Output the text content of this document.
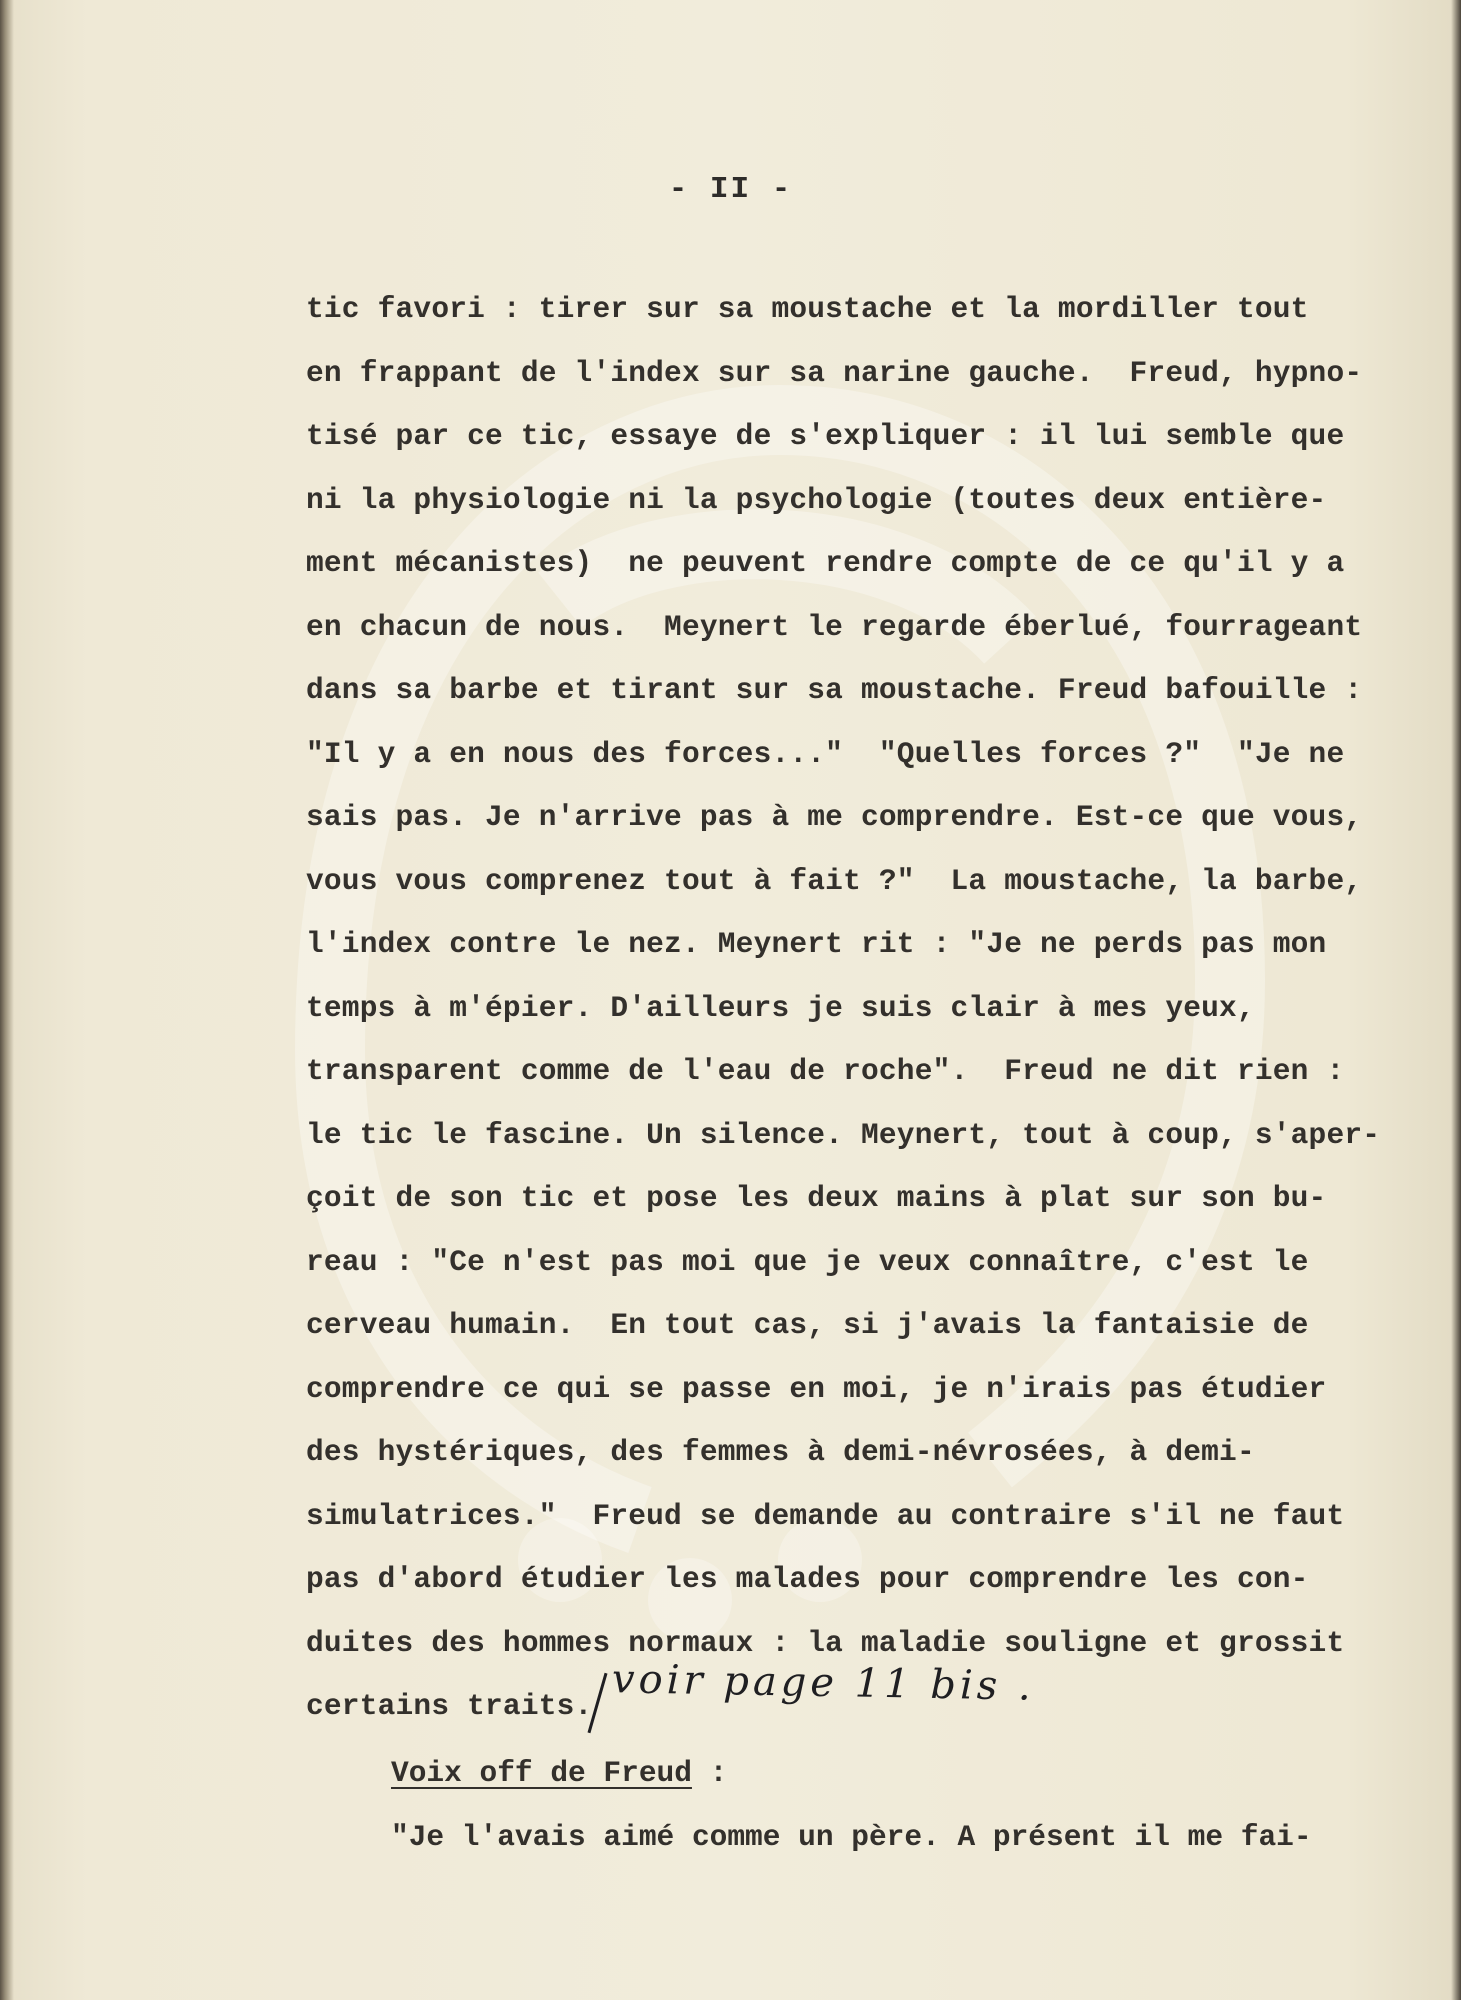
- II -
tic favori : tirer sur sa moustache et la mordiller tout
en frappant de l'index sur sa narine gauche.  Freud, hypno-
tisé par ce tic, essaye de s'expliquer : il lui semble que
ni la physiologie ni la psychologie (toutes deux entière-
ment mécanistes)  ne peuvent rendre compte de ce qu'il y a
en chacun de nous.  Meynert le regarde éberlué, fourrageant
dans sa barbe et tirant sur sa moustache. Freud bafouille :
"Il y a en nous des forces..."  "Quelles forces ?"  "Je ne
sais pas. Je n'arrive pas à me comprendre. Est-ce que vous,
vous vous comprenez tout à fait ?"  La moustache, la barbe,
l'index contre le nez. Meynert rit : "Je ne perds pas mon
temps à m'épier. D'ailleurs je suis clair à mes yeux,
transparent comme de l'eau de roche".  Freud ne dit rien :
le tic le fascine. Un silence. Meynert, tout à coup, s'aper-
çoit de son tic et pose les deux mains à plat sur son bu-
reau : "Ce n'est pas moi que je veux connaître, c'est le
cerveau humain.  En tout cas, si j'avais la fantaisie de
comprendre ce qui se passe en moi, je n'irais pas étudier
des hystériques, des femmes à demi-névrosées, à demi-
simulatrices."  Freud se demande au contraire s'il ne faut
pas d'abord étudier les malades pour comprendre les con-
duites des hommes normaux : la maladie souligne et grossit
certains traits. voir page 11 bis .
Voix off de Freud :
"Je l'avais aimé comme un père. A présent il me fai-
